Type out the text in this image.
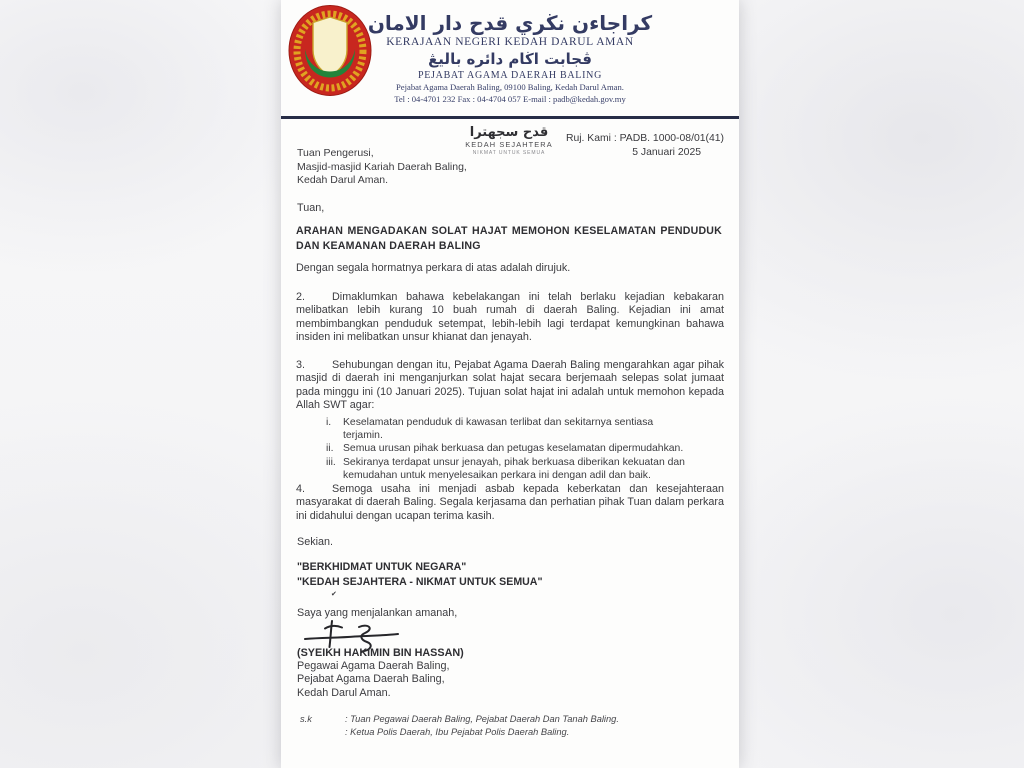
كراجاءن نڬري قدح دار الامان
KERAJAAN NEGERI KEDAH DARUL AMAN
ڤجابت اڬام دائره باليڠ
PEJABAT AGAMA DAERAH BALING
Pejabat Agama Daerah Baling, 09100 Baling, Kedah Darul Aman.
Tel : 04-4701 232 Fax : 04-4704 057 E-mail : padb@kedah.gov.my
قدح سجهترا
KEDAH SEJAHTERA
NIKMAT UNTUK SEMUA
Ruj. Kami : PADB. 1000-08/01(41)
5 Januari 2025
Tuan Pengerusi,
Masjid-masjid Kariah Daerah Baling,
Kedah Darul Aman.
Tuan,
ARAHAN MENGADAKAN SOLAT HAJAT MEMOHON KESELAMATAN PENDUDUK DAN KEAMANAN DAERAH BALING
Dengan segala hormatnya perkara di atas adalah dirujuk.
2. Dimaklumkan bahawa kebelakangan ini telah berlaku kejadian kebakaran melibatkan lebih kurang 10 buah rumah di daerah Baling. Kejadian ini amat membimbangkan penduduk setempat, lebih-lebih lagi terdapat kemungkinan bahawa insiden ini melibatkan unsur khianat dan jenayah.
3. Sehubungan dengan itu, Pejabat Agama Daerah Baling mengarahkan agar pihak masjid di daerah ini menganjurkan solat hajat secara berjemaah selepas solat jumaat pada minggu ini (10 Januari 2025). Tujuan solat hajat ini adalah untuk memohon kepada Allah SWT agar:
i.	Keselamatan penduduk di kawasan terlibat dan sekitarnya sentiasa terjamin.
ii. Semua urusan pihak berkuasa dan petugas keselamatan dipermudahkan.
iii. Sekiranya terdapat unsur jenayah, pihak berkuasa diberikan kekuatan dan kemudahan untuk menyelesaikan perkara ini dengan adil dan baik.
4. Semoga usaha ini menjadi asbab kepada keberkatan dan kesejahteraan masyarakat di daerah Baling. Segala kerjasama dan perhatian pihak Tuan dalam perkara ini didahului dengan ucapan terima kasih.
Sekian.
"BERKHIDMAT UNTUK NEGARA"
"KEDAH SEJAHTERA - NIKMAT UNTUK SEMUA"
✔
Saya yang menjalankan amanah,
(SYEIKH HAKIMIN BIN HASSAN)
Pegawai Agama Daerah Baling,
Pejabat Agama Daerah Baling,
Kedah Darul Aman.
s.k	: Tuan Pegawai Daerah Baling, Pejabat Daerah Dan Tanah Baling.
: Ketua Polis Daerah, Ibu Pejabat Polis Daerah Baling.
